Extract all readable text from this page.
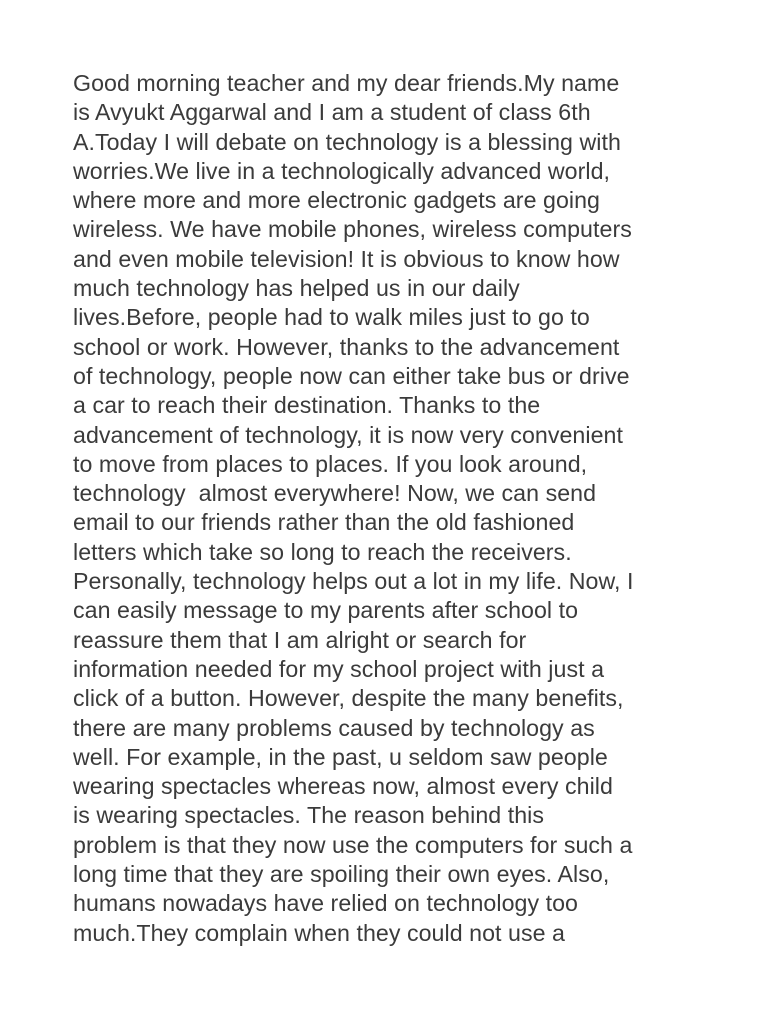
Good morning teacher and my dear friends.My name
is Avyukt Aggarwal and I am a student of class 6th
A.Today I will debate on technology is a blessing with
worries.We live in a technologically advanced world,
where more and more electronic gadgets are going
wireless. We have mobile phones, wireless computers
and even mobile television! It is obvious to know how
much technology has helped us in our daily
lives.Before, people had to walk miles just to go to
school or work. However, thanks to the advancement
of technology, people now can either take bus or drive
a car to reach their destination. Thanks to the
advancement of technology, it is now very convenient
to move from places to places. If you look around,
technology  almost everywhere! Now, we can send
email to our friends rather than the old fashioned
letters which take so long to reach the receivers.
Personally, technology helps out a lot in my life. Now, I
can easily message to my parents after school to
reassure them that I am alright or search for
information needed for my school project with just a
click of a button. However, despite the many benefits,
there are many problems caused by technology as
well. For example, in the past, u seldom saw people
wearing spectacles whereas now, almost every child
is wearing spectacles. The reason behind this
problem is that they now use the computers for such a
long time that they are spoiling their own eyes. Also,
humans nowadays have relied on technology too
much.They complain when they could not use a
